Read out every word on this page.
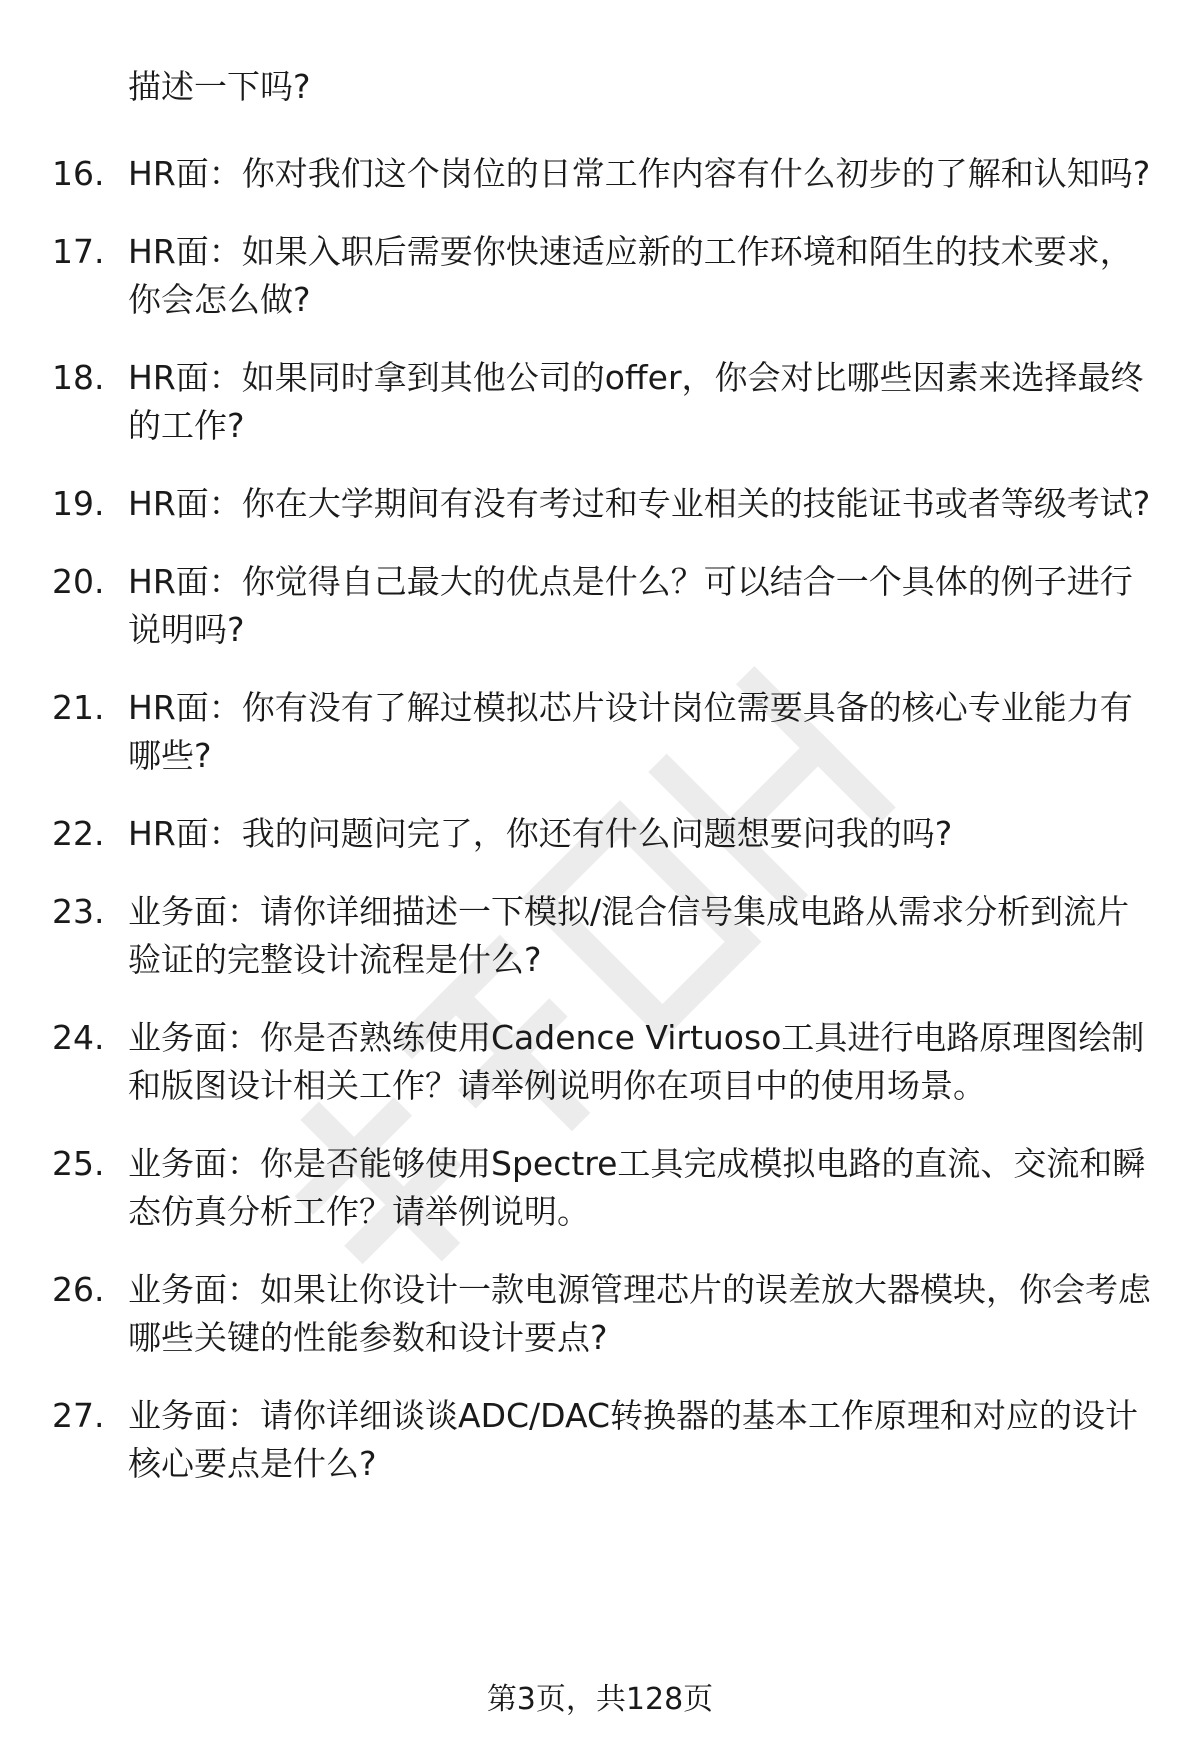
描述一下吗?
16. HR面：你对我们这个岗位的日常工作内容有什么初步的了解和认知吗?
17. HR面：如果入职后需要你快速适应新的工作环境和陌生的技术要求，你会怎么做?
18. HR面：如果同时拿到其他公司的offer，你会对比哪些因素来选择最终的工作?
19. HR面：你在大学期间有没有考过和专业相关的技能证书或者等级考试?
20. HR面：你觉得自己最大的优点是什么？可以结合一个具体的例子进行说明吗?
21. HR面：你有没有了解过模拟芯片设计岗位需要具备的核心专业能力有哪些?
22. HR面：我的问题问完了，你还有什么问题想要问我的吗?
23. 业务面：请你详细描述一下模拟/混合信号集成电路从需求分析到流片验证的完整设计流程是什么?
24. 业务面：你是否熟练使用Cadence Virtuoso工具进行电路原理图绘制和版图设计相关工作？请举例说明你在项目中的使用场景。
25. 业务面：你是否能够使用Spectre工具完成模拟电路的直流、交流和瞬态仿真分析工作？请举例说明。
26. 业务面：如果让你设计一款电源管理芯片的误差放大器模块，你会考虑哪些关键的性能参数和设计要点?
27. 业务面：请你详细谈谈ADC/DAC转换器的基本工作原理和对应的设计核心要点是什么?
第3页，共128页
